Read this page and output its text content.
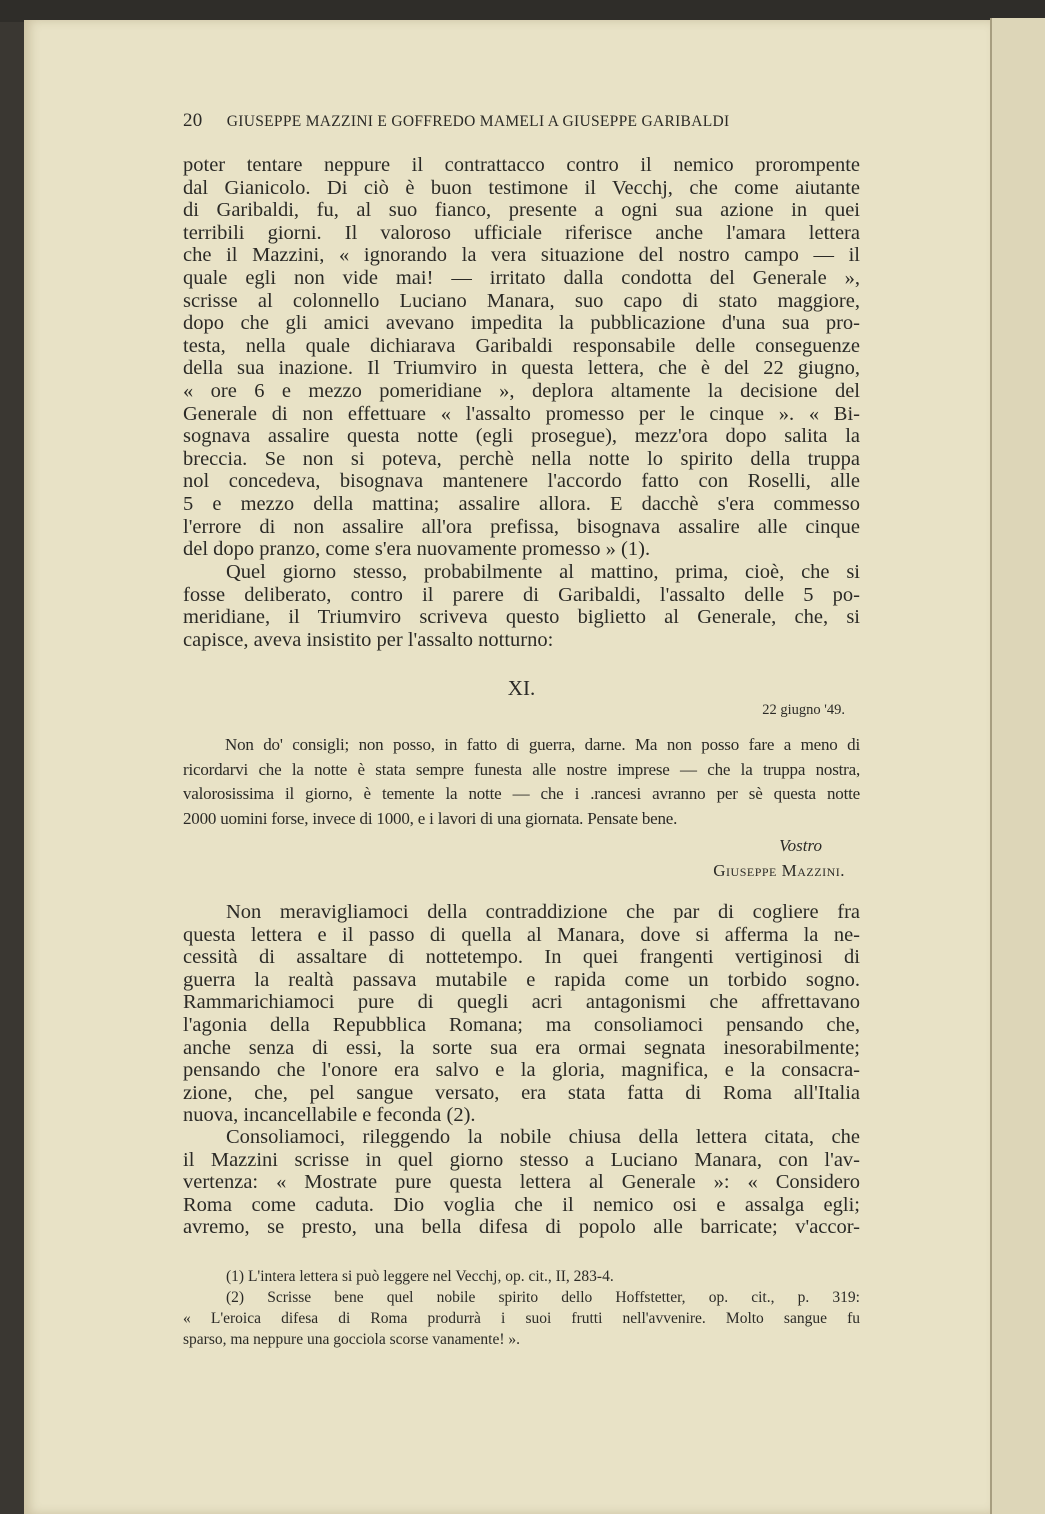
20 GIUSEPPE MAZZINI E GOFFREDO MAMELI A GIUSEPPE GARIBALDI
poter tentare neppure il contrattacco contro il nemico prorompente
dal Gianicolo. Di ciò è buon testimone il Vecchj, che come aiutante
di Garibaldi, fu, al suo fianco, presente a ogni sua azione in quei
terribili giorni. Il valoroso ufficiale riferisce anche l'amara lettera
che il Mazzini, « ignorando la vera situazione del nostro campo — il
quale egli non vide mai! — irritato dalla condotta del Generale »,
scrisse al colonnello Luciano Manara, suo capo di stato maggiore,
dopo che gli amici avevano impedita la pubblicazione d'una sua pro-
testa, nella quale dichiarava Garibaldi responsabile delle conseguenze
della sua inazione. Il Triumviro in questa lettera, che è del 22 giugno,
« ore 6 e mezzo pomeridiane », deplora altamente la decisione del
Generale di non effettuare « l'assalto promesso per le cinque ». « Bi-
sognava assalire questa notte (egli prosegue), mezz'ora dopo salita la
breccia. Se non si poteva, perchè nella notte lo spirito della truppa
nol concedeva, bisognava mantenere l'accordo fatto con Roselli, alle
5 e mezzo della mattina; assalire allora. E dacchè s'era commesso
l'errore di non assalire all'ora prefissa, bisognava assalire alle cinque
del dopo pranzo, come s'era nuovamente promesso » (1).
Quel giorno stesso, probabilmente al mattino, prima, cioè, che si
fosse deliberato, contro il parere di Garibaldi, l'assalto delle 5 po-
meridiane, il Triumviro scriveva questo biglietto al Generale, che, si
capisce, aveva insistito per l'assalto notturno:
XI.
22 giugno '49.
Non do' consigli; non posso, in fatto di guerra, darne. Ma non posso fare a meno di
ricordarvi che la notte è stata sempre funesta alle nostre imprese — che la truppa nostra,
valorosissima il giorno, è temente la notte — che i .rancesi avranno per sè questa notte
2000 uomini forse, invece di 1000, e i lavori di una giornata. Pensate bene.
Vostro
Giuseppe Mazzini.
Non meravigliamoci della contraddizione che par di cogliere fra
questa lettera e il passo di quella al Manara, dove si afferma la ne-
cessità di assaltare di nottetempo. In quei frangenti vertiginosi di
guerra la realtà passava mutabile e rapida come un torbido sogno.
Rammarichiamoci pure di quegli acri antagonismi che affrettavano
l'agonia della Repubblica Romana; ma consoliamoci pensando che,
anche senza di essi, la sorte sua era ormai segnata inesorabilmente;
pensando che l'onore era salvo e la gloria, magnifica, e la consacra-
zione, che, pel sangue versato, era stata fatta di Roma all'Italia
nuova, incancellabile e feconda (2).
Consoliamoci, rileggendo la nobile chiusa della lettera citata, che
il Mazzini scrisse in quel giorno stesso a Luciano Manara, con l'av-
vertenza: « Mostrate pure questa lettera al Generale »: « Considero
Roma come caduta. Dio voglia che il nemico osi e assalga egli;
avremo, se presto, una bella difesa di popolo alle barricate; v'accor-
(1) L'intera lettera si può leggere nel Vecchj, op. cit., II, 283-4.
(2) Scrisse bene quel nobile spirito dello Hoffstetter, op. cit., p. 319:
« L'eroica difesa di Roma produrrà i suoi frutti nell'avvenire. Molto sangue fu
sparso, ma neppure una gocciola scorse vanamente! ».
